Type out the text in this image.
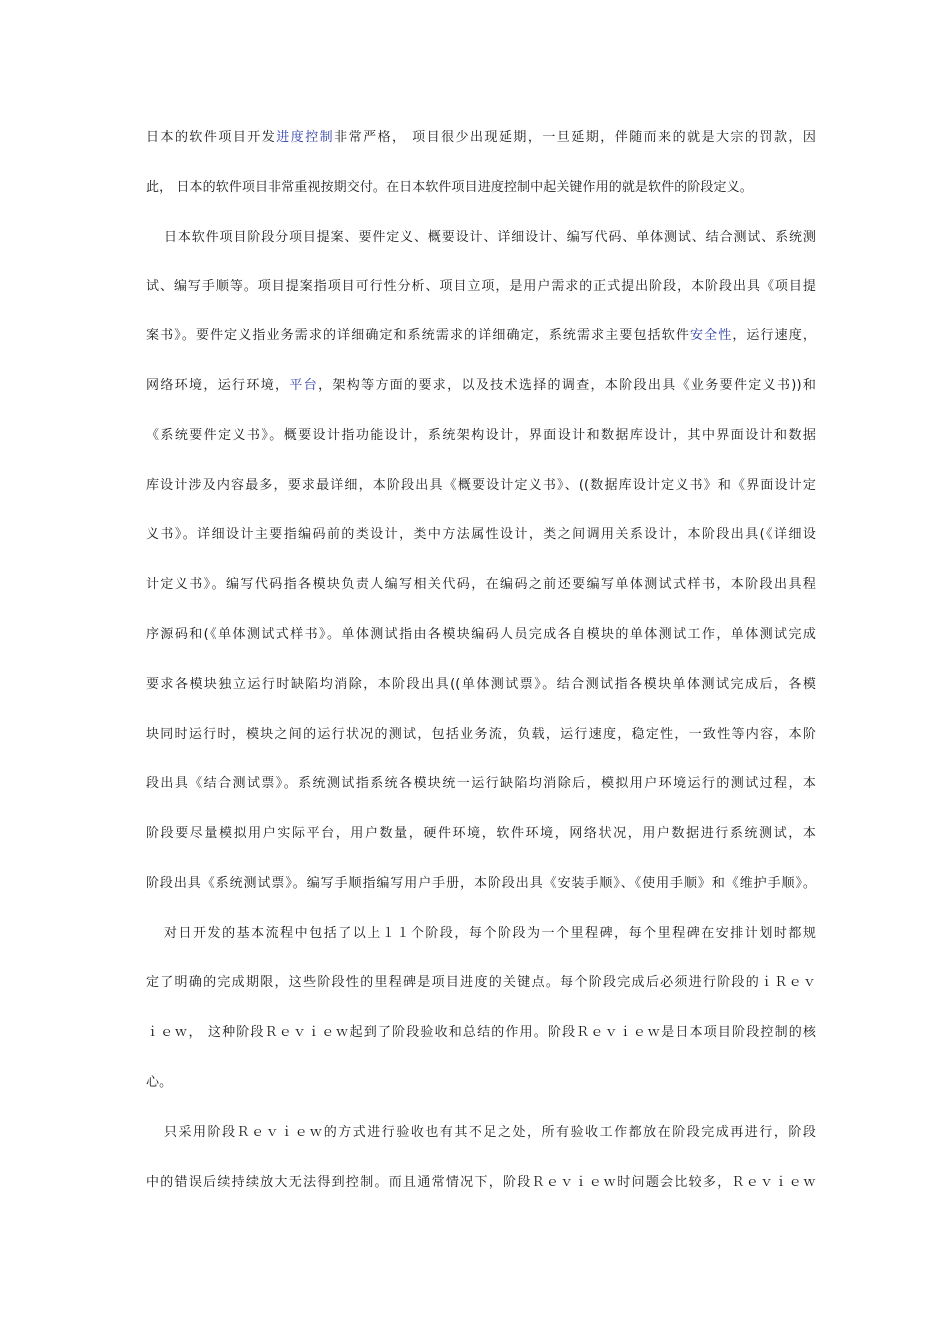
日本的软件项目开发进度控制非常严格， 项目很少出现延期，一旦延期，伴随而来的就是大宗的罚款，因
此， 日本的软件项目非常重视按期交付。在日本软件项目进度控制中起关键作用的就是软件的阶段定义。
日本软件项目阶段分项目提案、要件定义、概要设计、详细设计、编写代码、单体测试、结合测试、系统测
试、编写手顺等。项目提案指项目可行性分析、项目立项，是用户需求的正式提出阶段，本阶段出具《项目提
案书》。要件定义指业务需求的详细确定和系统需求的详细确定，系统需求主要包括软件安全性，运行速度，
网络环境，运行环境，平台，架构等方面的要求，以及技术选择的调查，本阶段出具《业务要件定义书))和
《系统要件定义书》。概要设计指功能设计，系统架构设计，界面设计和数据库设计，其中界面设计和数据
库设计涉及内容最多，要求最详细，本阶段出具《概要设计定义书》、((数据库设计定义书》和《界面设计定
义书》。详细设计主要指编码前的类设计，类中方法属性设计，类之间调用关系设计，本阶段出具(《详细设
计定义书》。编写代码指各模块负责人编写相关代码，在编码之前还要编写单体测试式样书，本阶段出具程
序源码和(《单体测试式样书》。单体测试指由各模块编码人员完成各自模块的单体测试工作，单体测试完成
要求各模块独立运行时缺陷均消除，本阶段出具((单体测试票》。结合测试指各模块单体测试完成后，各模
块同时运行时，模块之间的运行状况的测试，包括业务流，负载，运行速度，稳定性，一致性等内容，本阶
段出具《结合测试票》。系统测试指系统各模块统一运行缺陷均消除后，模拟用户环境运行的测试过程，本
阶段要尽量模拟用户实际平台，用户数量，硬件环境，软件环境，网络状况，用户数据进行系统测试，本
阶段出具《系统测试票》。编写手顺指编写用户手册，本阶段出具《安装手顺》、《使用手顺》和《维护手顺》。
对日开发的基本流程中包括了以上１１个阶段，每个阶段为一个里程碑，每个里程碑在安排计划时都规
定了明确的完成期限，这些阶段性的里程碑是项目进度的关键点。每个阶段完成后必须进行阶段的ｉＲｅｖ
ｉｅｗ， 这种阶段Ｒｅｖｉｅｗ起到了阶段验收和总结的作用。阶段Ｒｅｖｉｅｗ是日本项目阶段控制的核
心。
只采用阶段Ｒｅｖｉｅｗ的方式进行验收也有其不足之处，所有验收工作都放在阶段完成再进行，阶段
中的错误后续持续放大无法得到控制。而且通常情况下，阶段Ｒｅｖｉｅｗ时问题会比较多，Ｒｅｖｉｅｗ
